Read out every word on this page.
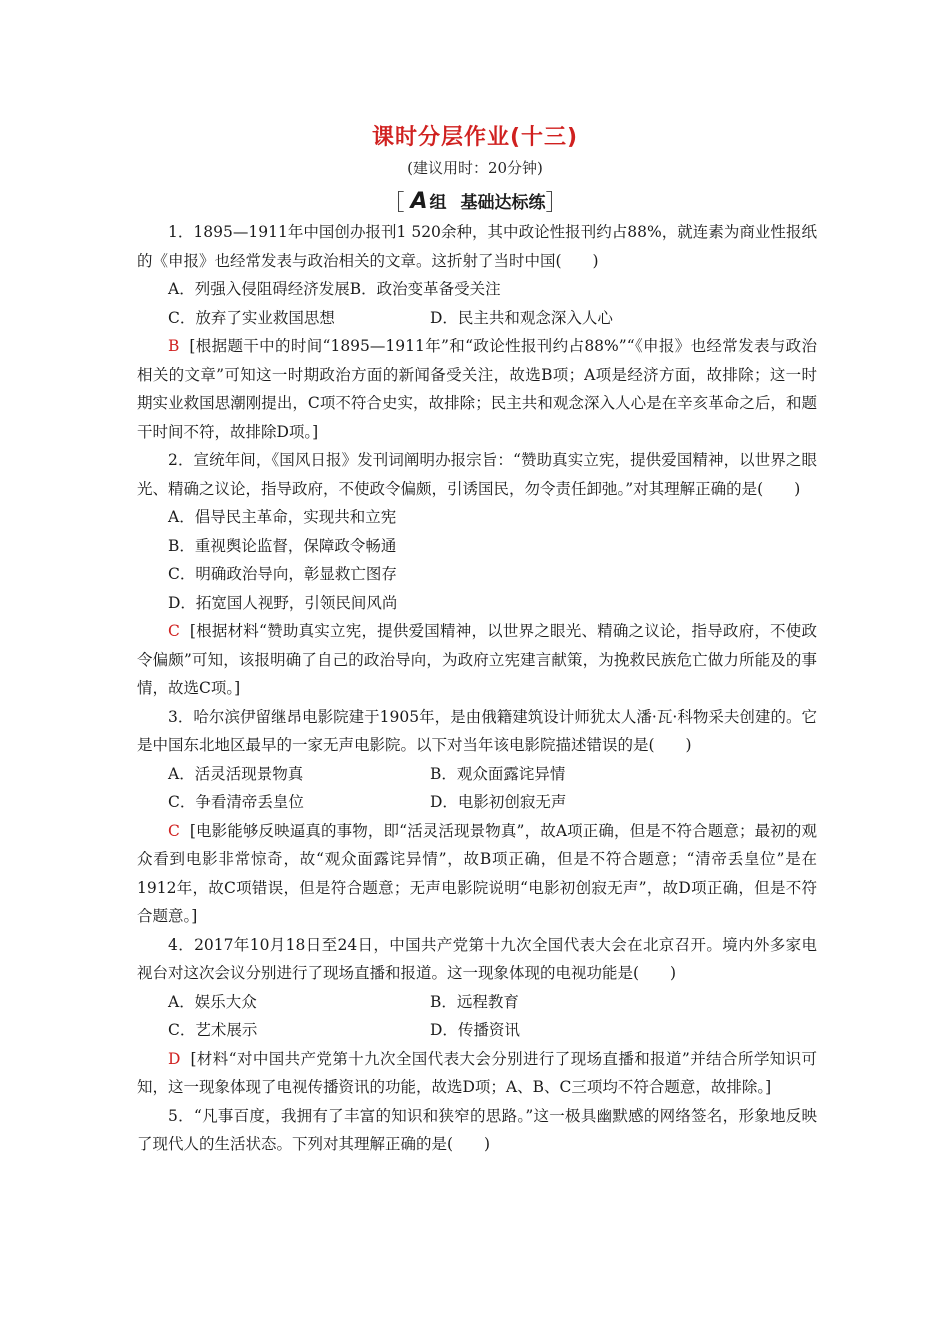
课时分层作业(十三)
(建议用时：20分钟)
［ A 组 基础达标练］

1．1895—1911年中国创办报刊1 520余种，其中政论性报刊约占88%，就连素为商业性报纸的《申报》也经常发表与政治相关的文章。这折射了当时中国(　　)

A．列强入侵阻碍经济发展B．政治变革备受关注

C．放弃了实业救国思想	D．民主共和观念深入人心

B [根据题干中的时间“1895—1911年”和“政论性报刊约占88%”“《申报》也经常发表与政治相关的文章”可知这一时期政治方面的新闻备受关注，故选B项；A项是经济方面，故排除；这一时期实业救国思潮刚提出，C项不符合史实，故排除；民主共和观念深入人心是在辛亥革命之后，和题干时间不符，故排除D项。]

2．宣统年间，《国风日报》发刊词阐明办报宗旨：“赞助真实立宪，提供爱国精神，以世界之眼光、精确之议论，指导政府，不使政令偏颇，引诱国民，勿令责任卸弛。”对其理解正确的是(　　)

A．倡导民主革命，实现共和立宪

B．重视舆论监督，保障政令畅通

C．明确政治导向，彰显救亡图存

D．拓宽国人视野，引领民间风尚

C [根据材料“赞助真实立宪，提供爱国精神，以世界之眼光、精确之议论，指导政府，不使政令偏颇”可知，该报明确了自己的政治导向，为政府立宪建言献策，为挽救民族危亡做力所能及的事情，故选C项。]

3．哈尔滨伊留继昂电影院建于1905年，是由俄籍建筑设计师犹太人潘·瓦·科物采夫创建的。它是中国东北地区最早的一家无声电影院。以下对当年该电影院描述错误的是(　　)

A．活灵活现景物真	B．观众面露诧异情

C．争看清帝丢皇位	D．电影初创寂无声

C [电影能够反映逼真的事物，即“活灵活现景物真”，故A项正确，但是不符合题意；最初的观众看到电影非常惊奇，故“观众面露诧异情”，故B项正确，但是不符合题意；“清帝丢皇位”是在1912年，故C项错误，但是符合题意；无声电影院说明“电影初创寂无声”，故D项正确，但是不符合题意。]

4．2017年10月18日至24日，中国共产党第十九次全国代表大会在北京召开。境内外多家电视台对这次会议分别进行了现场直播和报道。这一现象体现的电视功能是(　　)

A．娱乐大众	B．远程教育

C．艺术展示	D．传播资讯

D [材料“对中国共产党第十九次全国代表大会分别进行了现场直播和报道”并结合所学知识可知，这一现象体现了电视传播资讯的功能，故选D项；A、B、C三项均不符合题意，故排除。]

5．“凡事百度，我拥有了丰富的知识和狭窄的思路。”这一极具幽默感的网络签名，形象地反映了现代人的生活状态。下列对其理解正确的是(　　)
